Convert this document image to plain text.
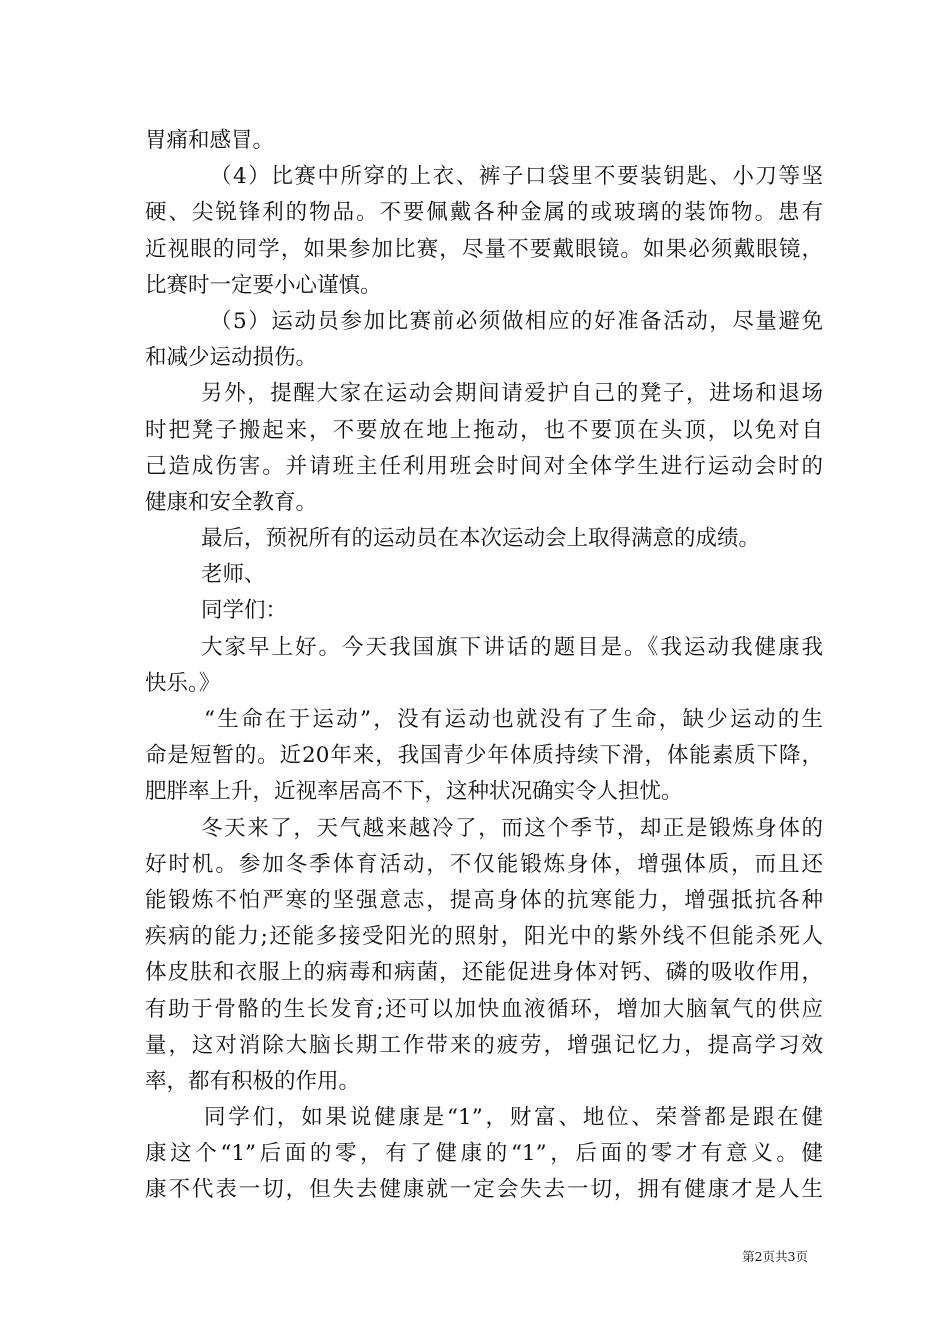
胃痛和感冒。
（4）比赛中所穿的上衣、裤子口袋里不要装钥匙、小刀等坚
硬、尖锐锋利的物品。不要佩戴各种金属的或玻璃的装饰物。患有
近视眼的同学，如果参加比赛，尽量不要戴眼镜。如果必须戴眼镜，
比赛时一定要小心谨慎。
（5）运动员参加比赛前必须做相应的好准备活动，尽量避免
和减少运动损伤。
另外，提醒大家在运动会期间请爱护自己的凳子，进场和退场
时把凳子搬起来，不要放在地上拖动，也不要顶在头顶，以免对自
己造成伤害。并请班主任利用班会时间对全体学生进行运动会时的
健康和安全教育。
最后，预祝所有的运动员在本次运动会上取得满意的成绩。
老师、
同学们：
大家早上好。今天我国旗下讲话的题目是。《我运动我健康我
快乐。》
“生命在于运动”，没有运动也就没有了生命，缺少运动的生
命是短暂的。近20年来，我国青少年体质持续下滑，体能素质下降，
肥胖率上升，近视率居高不下，这种状况确实令人担忧。
冬天来了，天气越来越冷了，而这个季节，却正是锻炼身体的
好时机。参加冬季体育活动，不仅能锻炼身体，增强体质，而且还
能锻炼不怕严寒的坚强意志，提高身体的抗寒能力，增强抵抗各种
疾病的能力;还能多接受阳光的照射，阳光中的紫外线不但能杀死人
体皮肤和衣服上的病毒和病菌，还能促进身体对钙、磷的吸收作用，
有助于骨骼的生长发育;还可以加快血液循环，增加大脑氧气的供应
量，这对消除大脑长期工作带来的疲劳，增强记忆力，提高学习效
率，都有积极的作用。
同学们，如果说健康是“1”，财富、地位、荣誉都是跟在健
康这个“1”后面的零，有了健康的“1”，后面的零才有意义。健
康不代表一切，但失去健康就一定会失去一切，拥有健康才是人生
第2页共3页
